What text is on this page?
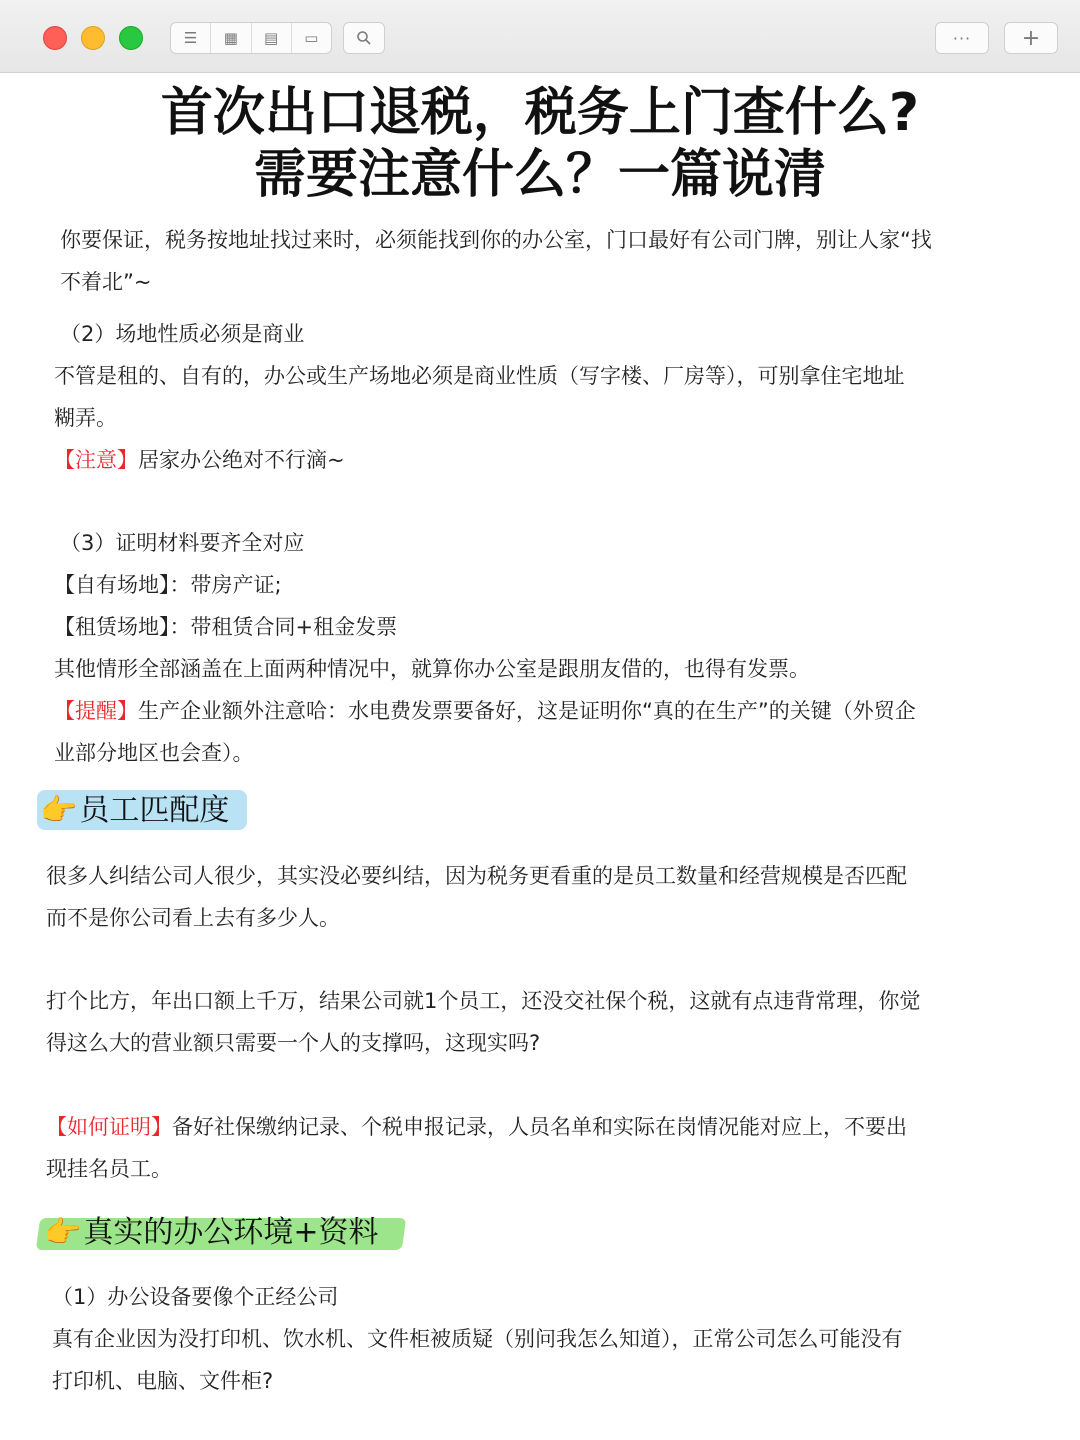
☰	▦	▤	▭	···	+
首次出口退税，税务上门查什么?
需要注意什么？一篇说清
你要保证，税务按地址找过来时，必须能找到你的办公室，门口最好有公司门牌，别让人家“找
不着北”~
（2）场地性质必须是商业
不管是租的、自有的，办公或生产场地必须是商业性质（写字楼、厂房等），可别拿住宅地址
糊弄。
【注意】居家办公绝对不行滴~
（3）证明材料要齐全对应
【自有场地】：带房产证;
【租赁场地】：带租赁合同+租金发票
其他情形全部涵盖在上面两种情况中，就算你办公室是跟朋友借的，也得有发票。
【提醒】生产企业额外注意哈：水电费发票要备好，这是证明你“真的在生产”的关键（外贸企
业部分地区也会查）。
👉 员工匹配度
很多人纠结公司人很少，其实没必要纠结，因为税务更看重的是员工数量和经营规模是否匹配
而不是你公司看上去有多少人。
打个比方，年出口额上千万，结果公司就1个员工，还没交社保个税，这就有点违背常理，你觉
得这么大的营业额只需要一个人的支撑吗，这现实吗?
【如何证明】备好社保缴纳记录、个税申报记录，人员名单和实际在岗情况能对应上，不要出
现挂名员工。
👉 真实的办公环境+资料
（1）办公设备要像个正经公司
真有企业因为没打印机、饮水机、文件柜被质疑（别问我怎么知道），正常公司怎么可能没有
打印机、电脑、文件柜?
